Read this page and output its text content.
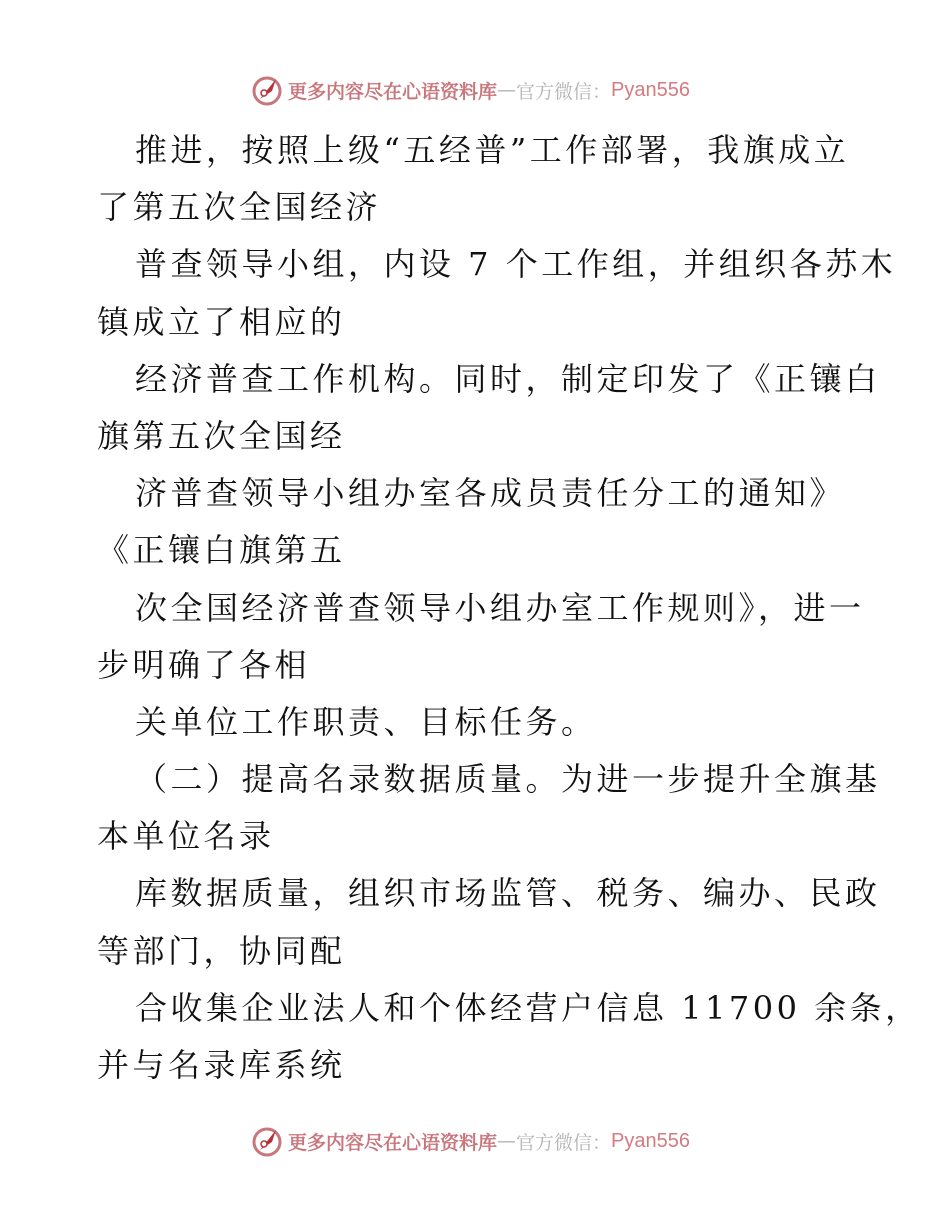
更多内容尽在心语资料库 — 官方微信： Pyan556
推进，按照上级“五经普”工作部署，我旗成立
了第五次全国经济
普查领导小组，内设 7 个工作组，并组织各苏木
镇成立了相应的
经济普查工作机构。同时，制定印发了《正镶白
旗第五次全国经
济普查领导小组办室各成员责任分工的通知》
《正镶白旗第五
次全国经济普查领导小组办室工作规则》，进一
步明确了各相
关单位工作职责、目标任务。
（二）提高名录数据质量。为进一步提升全旗基
本单位名录
库数据质量，组织市场监管、税务、编办、民政
等部门，协同配
合收集企业法人和个体经营户信息 11700 余条，
并与名录库系统
更多内容尽在心语资料库 — 官方微信： Pyan556
